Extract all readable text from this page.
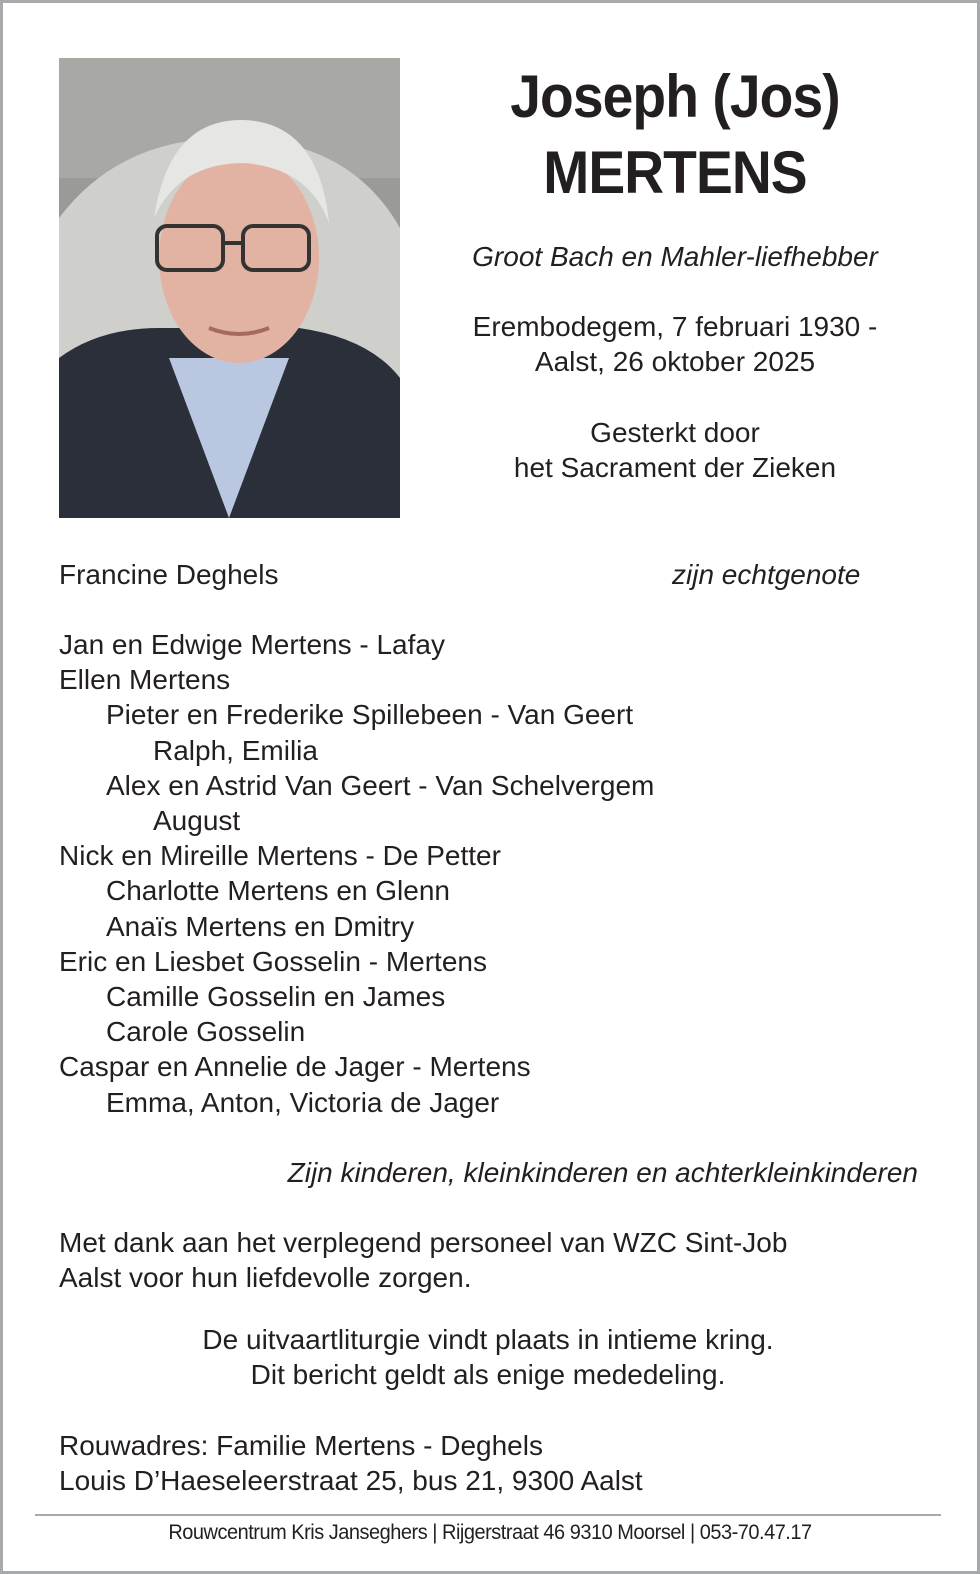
Joseph (Jos)
MERTENS
Groot Bach en Mahler-liefhebber
Erembodegem, 7 februari 1930 -
Aalst, 26 oktober 2025
Gesterkt door
het Sacrament der Zieken
Francine Deghels	zijn echtgenote
Jan en Edwige Mertens - Lafay
Ellen Mertens
Pieter en Frederike Spillebeen - Van Geert
Ralph, Emilia
Alex en Astrid Van Geert - Van Schelvergem
August
Nick en Mireille Mertens - De Petter
Charlotte Mertens en Glenn
Anaïs Mertens en Dmitry
Eric en Liesbet Gosselin - Mertens
Camille Gosselin en James
Carole Gosselin
Caspar en Annelie de Jager - Mertens
Emma, Anton, Victoria de Jager
Zijn kinderen, kleinkinderen en achterkleinkinderen
Met dank aan het verplegend personeel van WZC Sint-Job
Aalst voor hun liefdevolle zorgen.
De uitvaartliturgie vindt plaats in intieme kring.
Dit bericht geldt als enige mededeling.
Rouwadres: Familie Mertens - Deghels
Louis D’Haeseleerstraat 25, bus 21, 9300 Aalst
Rouwcentrum Kris Janseghers | Rijgerstraat 46 9310 Moorsel | 053-70.47.17
